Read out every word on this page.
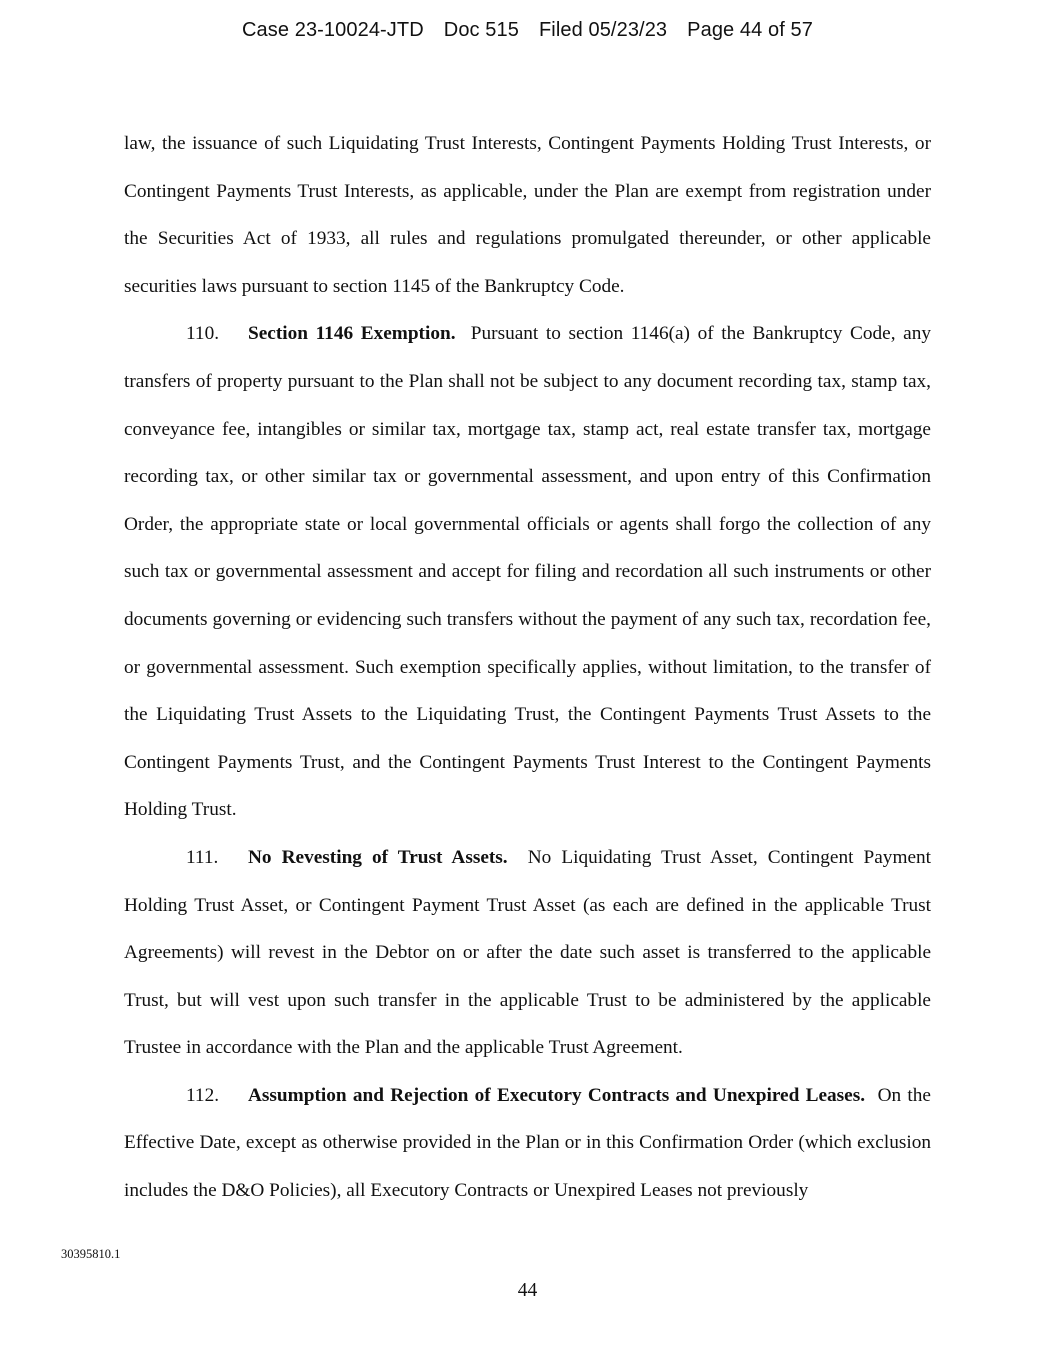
Case 23-10024-JTD Doc 515 Filed 05/23/23 Page 44 of 57

law, the issuance of such Liquidating Trust Interests, Contingent Payments Holding Trust Interests, or Contingent Payments Trust Interests, as applicable, under the Plan are exempt from registration under the Securities Act of 1933, all rules and regulations promulgated thereunder, or other applicable securities laws pursuant to section 1145 of the Bankruptcy Code.

110. Section 1146 Exemption. Pursuant to section 1146(a) of the Bankruptcy Code, any transfers of property pursuant to the Plan shall not be subject to any document recording tax, stamp tax, conveyance fee, intangibles or similar tax, mortgage tax, stamp act, real estate transfer tax, mortgage recording tax, or other similar tax or governmental assessment, and upon entry of this Confirmation Order, the appropriate state or local governmental officials or agents shall forgo the collection of any such tax or governmental assessment and accept for filing and recordation all such instruments or other documents governing or evidencing such transfers without the payment of any such tax, recordation fee, or governmental assessment. Such exemption specifically applies, without limitation, to the transfer of the Liquidating Trust Assets to the Liquidating Trust, the Contingent Payments Trust Assets to the Contingent Payments Trust, and the Contingent Payments Trust Interest to the Contingent Payments Holding Trust.

111. No Revesting of Trust Assets. No Liquidating Trust Asset, Contingent Payment Holding Trust Asset, or Contingent Payment Trust Asset (as each are defined in the applicable Trust Agreements) will revest in the Debtor on or after the date such asset is transferred to the applicable Trust, but will vest upon such transfer in the applicable Trust to be administered by the applicable Trustee in accordance with the Plan and the applicable Trust Agreement.

112. Assumption and Rejection of Executory Contracts and Unexpired Leases. On the Effective Date, except as otherwise provided in the Plan or in this Confirmation Order (which exclusion includes the D&O Policies), all Executory Contracts or Unexpired Leases not previously

30395810.1
44
